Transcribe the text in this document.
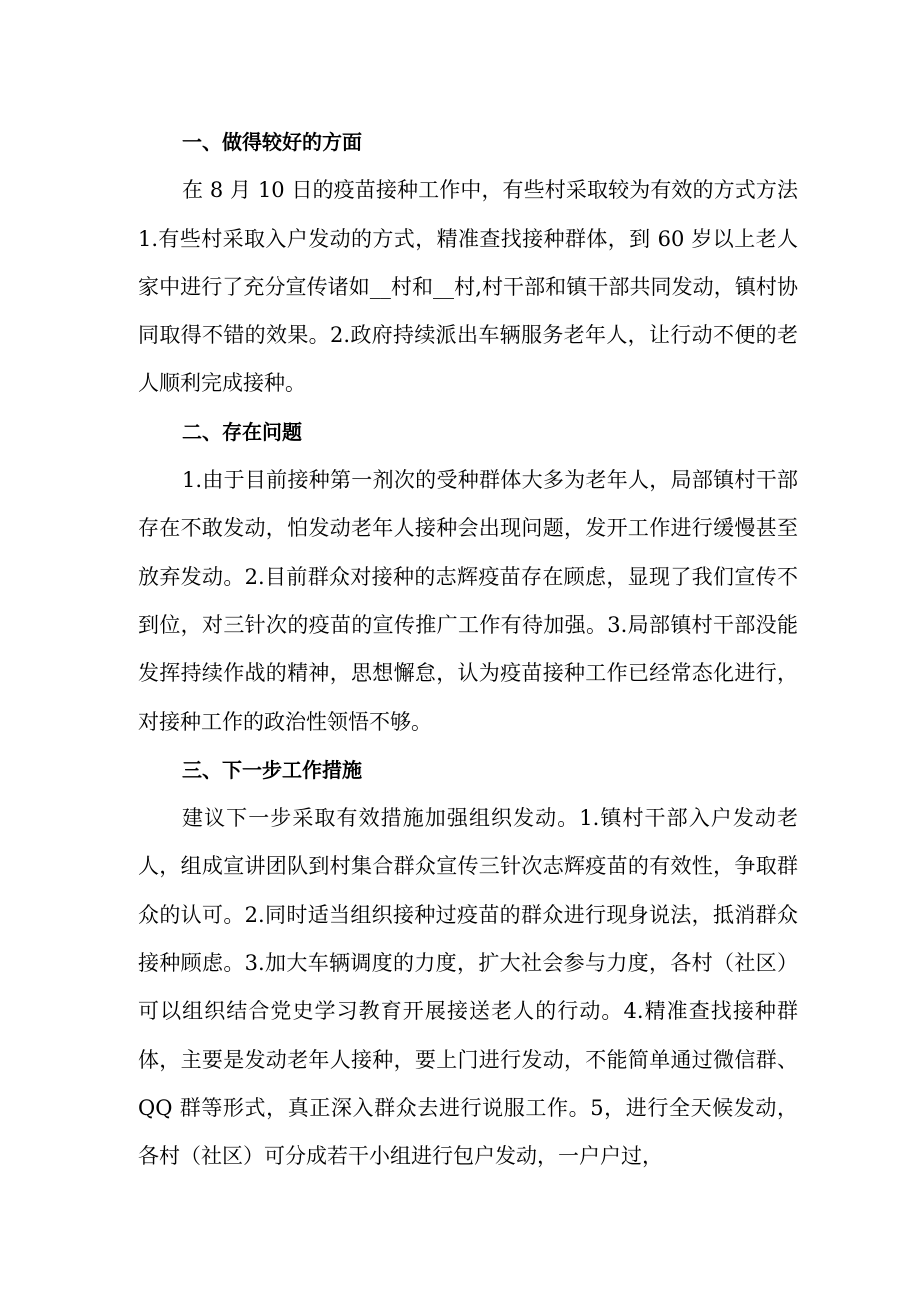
一、做得较好的方面

在 8 月 10 日的疫苗接种工作中，有些村采取较为有效的方式方法 1.有些村采取入户发动的方式，精准查找接种群体，到 60 岁以上老人家中进行了充分宣传诸如__村和__村,村干部和镇干部共同发动，镇村协同取得不错的效果。2.政府持续派出车辆服务老年人，让行动不便的老人顺利完成接种。

二、存在问题

1.由于目前接种第一剂次的受种群体大多为老年人，局部镇村干部存在不敢发动，怕发动老年人接种会出现问题，发开工作进行缓慢甚至放弃发动。2.目前群众对接种的志辉疫苗存在顾虑，显现了我们宣传不到位，对三针次的疫苗的宣传推广工作有待加强。3.局部镇村干部没能发挥持续作战的精神，思想懈怠，认为疫苗接种工作已经常态化进行，对接种工作的政治性领悟不够。

三、下一步工作措施

建议下一步采取有效措施加强组织发动。1.镇村干部入户发动老人，组成宣讲团队到村集合群众宣传三针次志辉疫苗的有效性，争取群众的认可。2.同时适当组织接种过疫苗的群众进行现身说法，抵消群众接种顾虑。3.加大车辆调度的力度，扩大社会参与力度，各村（社区）可以组织结合党史学习教育开展接送老人的行动。4.精准查找接种群体，主要是发动老年人接种，要上门进行发动，不能简单通过微信群、QQ 群等形式，真正深入群众去进行说服工作。5，进行全天候发动，各村（社区）可分成若干小组进行包户发动，一户户过，
